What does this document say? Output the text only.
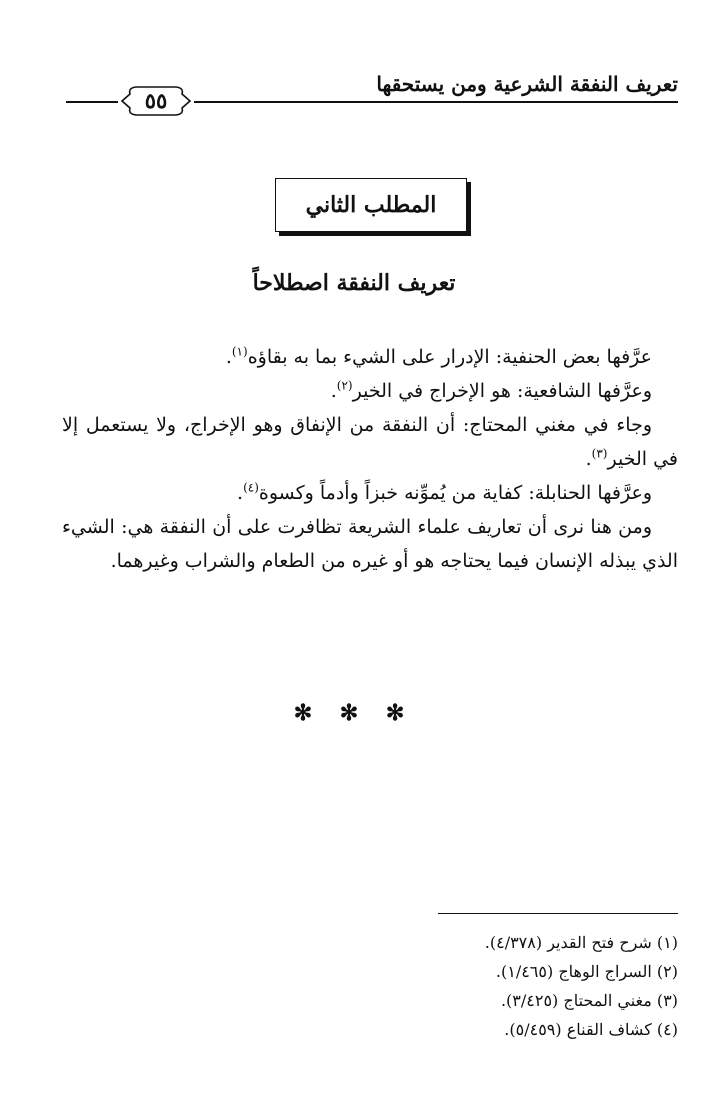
تعريف النفقة الشرعية ومن يستحقها
٥٥
المطلب الثاني
تعريف النفقة اصطلاحاً

عرَّفها بعض الحنفية: الإدرار على الشيء بما به بقاؤه$^{(١)}$.

وعرَّفها الشافعية: هو الإخراج في الخير$^{(٢)}$.

وجاء في مغني المحتاج: أن النفقة من الإنفاق وهو الإخراج، ولا يستعمل إلا في الخير$^{(٣)}$.

وعرَّفها الحنابلة: كفاية من يُموِّنه خبزاً وأدماً وكسوة$^{(٤)}$.

ومن هنا نرى أن تعاريف علماء الشريعة تظافرت على أن النفقة هي: الشيء الذي يبذله الإنسان فيما يحتاجه هو أو غيره من الطعام والشراب وغيرهما.

✻ ✻ ✻
(١) شرح فتح القدير (٤/٣٧٨).
(٢) السراج الوهاج (١/٤٦٥).
(٣) مغني المحتاج (٣/٤٢٥).
(٤) كشاف القناع (٥/٤٥٩).
